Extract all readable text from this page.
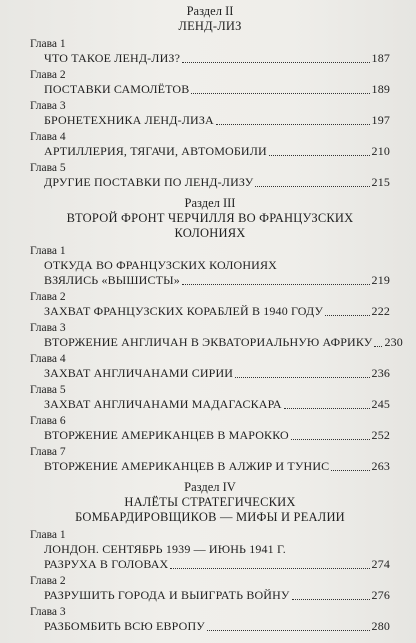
Раздел II

ЛЕНД-ЛИЗ

Глава 1

ЧТО ТАКОЕ ЛЕНД-ЛИЗ?	187

Глава 2

ПОСТАВКИ САМОЛЁТОВ	189

Глава 3

БРОНЕТЕХНИКА ЛЕНД-ЛИЗА	197

Глава 4

АРТИЛЛЕРИЯ, ТЯГАЧИ, АВТОМОБИЛИ	210

Глава 5

ДРУГИЕ ПОСТАВКИ ПО ЛЕНД-ЛИЗУ	215

Раздел III

ВТОРОЙ ФРОНТ ЧЕРЧИЛЛЯ ВО ФРАНЦУЗСКИХ КОЛОНИЯХ

Глава 1

ОТКУДА ВО ФРАНЦУЗСКИХ КОЛОНИЯХ
ВЗЯЛИСЬ «ВЫШИСТЫ»	219

Глава 2

ЗАХВАТ ФРАНЦУЗСКИХ КОРАБЛЕЙ В 1940 ГОДУ	222

Глава 3

ВТОРЖЕНИЕ АНГЛИЧАН В ЭКВАТОРИАЛЬНУЮ АФРИКУ 230

Глава 4

ЗАХВАТ АНГЛИЧАНАМИ СИРИИ	236

Глава 5

ЗАХВАТ АНГЛИЧАНАМИ МАДАГАСКАРА	245

Глава 6

ВТОРЖЕНИЕ АМЕРИКАНЦЕВ В МАРОККО	252

Глава 7

ВТОРЖЕНИЕ АМЕРИКАНЦЕВ В АЛЖИР И ТУНИС	263

Раздел IV

НАЛЁТЫ СТРАТЕГИЧЕСКИХ БОМБАРДИРОВЩИКОВ — МИФЫ И РЕАЛИИ

Глава 1

ЛОНДОН. СЕНТЯБРЬ 1939 — ИЮНЬ 1941 Г.
РАЗРУХА В ГОЛОВАХ	274

Глава 2

РАЗРУШИТЬ ГОРОДА И ВЫИГРАТЬ ВОЙНУ	276

Глава 3

РАЗБОМБИТЬ ВСЮ ЕВРОПУ	280
